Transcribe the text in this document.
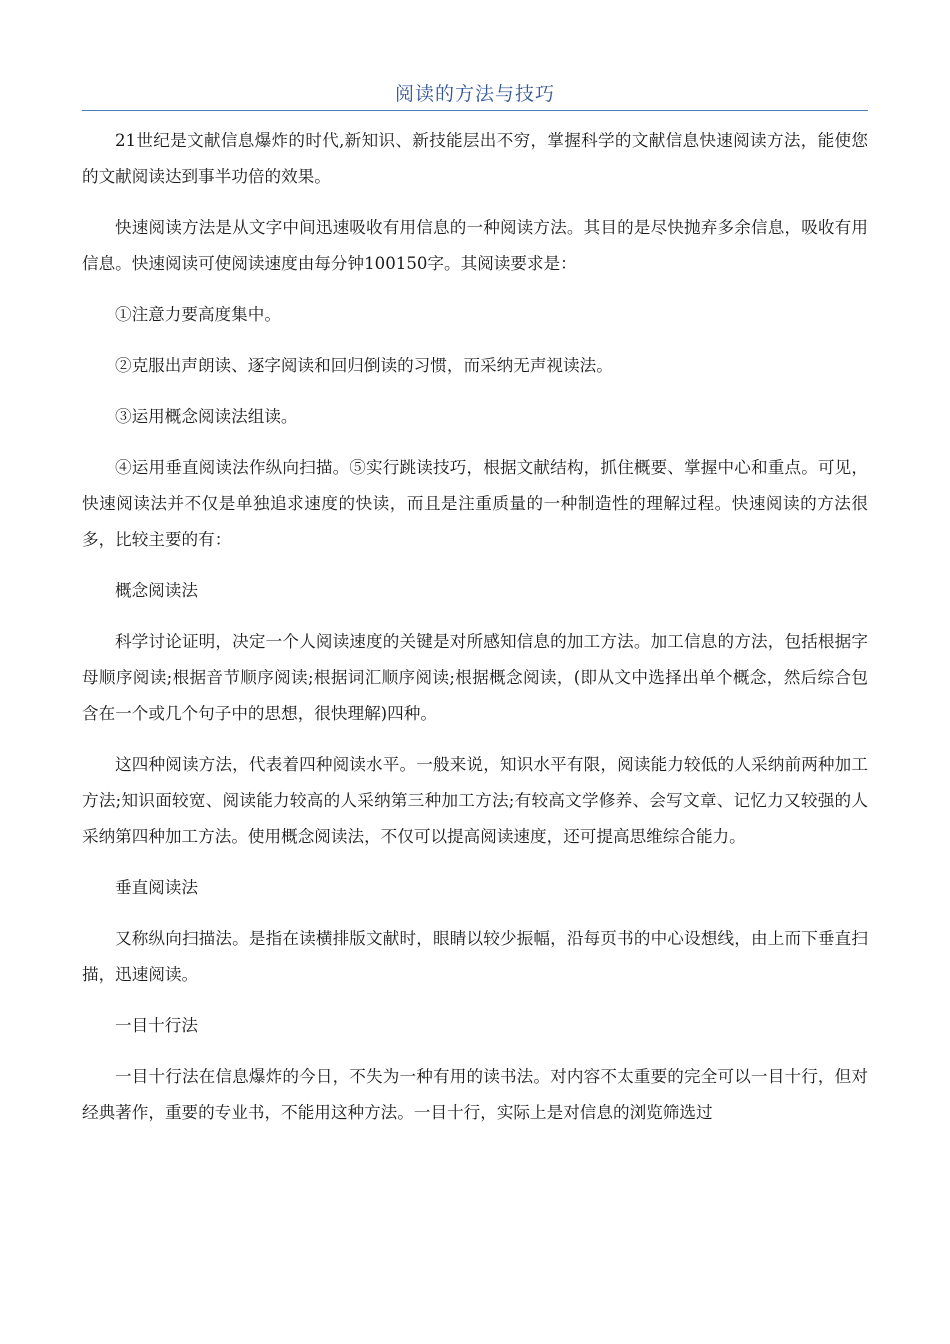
阅读的方法与技巧

21世纪是文献信息爆炸的时代,新知识、新技能层出不穷，掌握科学的文献信息快速阅读方法，能使您的文献阅读达到事半功倍的效果。

快速阅读方法是从文字中间迅速吸收有用信息的一种阅读方法。其目的是尽快抛弃多余信息，吸收有用信息。快速阅读可使阅读速度由每分钟100150字。其阅读要求是：

①注意力要高度集中。

②克服出声朗读、逐字阅读和回归倒读的习惯，而采纳无声视读法。

③运用概念阅读法组读。

④运用垂直阅读法作纵向扫描。⑤实行跳读技巧，根据文献结构，抓住概要、掌握中心和重点。可见，快速阅读法并不仅是单独追求速度的快读，而且是注重质量的一种制造性的理解过程。快速阅读的方法很多，比较主要的有：

概念阅读法

科学讨论证明，决定一个人阅读速度的关键是对所感知信息的加工方法。加工信息的方法，包括根据字母顺序阅读;根据音节顺序阅读;根据词汇顺序阅读;根据概念阅读，(即从文中选择出单个概念，然后综合包含在一个或几个句子中的思想，很快理解)四种。

这四种阅读方法，代表着四种阅读水平。一般来说，知识水平有限，阅读能力较低的人采纳前两种加工方法;知识面较宽、阅读能力较高的人采纳第三种加工方法;有较高文学修养、会写文章、记忆力又较强的人采纳第四种加工方法。使用概念阅读法，不仅可以提高阅读速度，还可提高思维综合能力。

垂直阅读法

又称纵向扫描法。是指在读横排版文献时，眼睛以较少振幅，沿每页书的中心设想线，由上而下垂直扫描，迅速阅读。

一目十行法

一目十行法在信息爆炸的今日，不失为一种有用的读书法。对内容不太重要的完全可以一目十行，但对经典著作，重要的专业书，不能用这种方法。一目十行，实际上是对信息的浏览筛选过
